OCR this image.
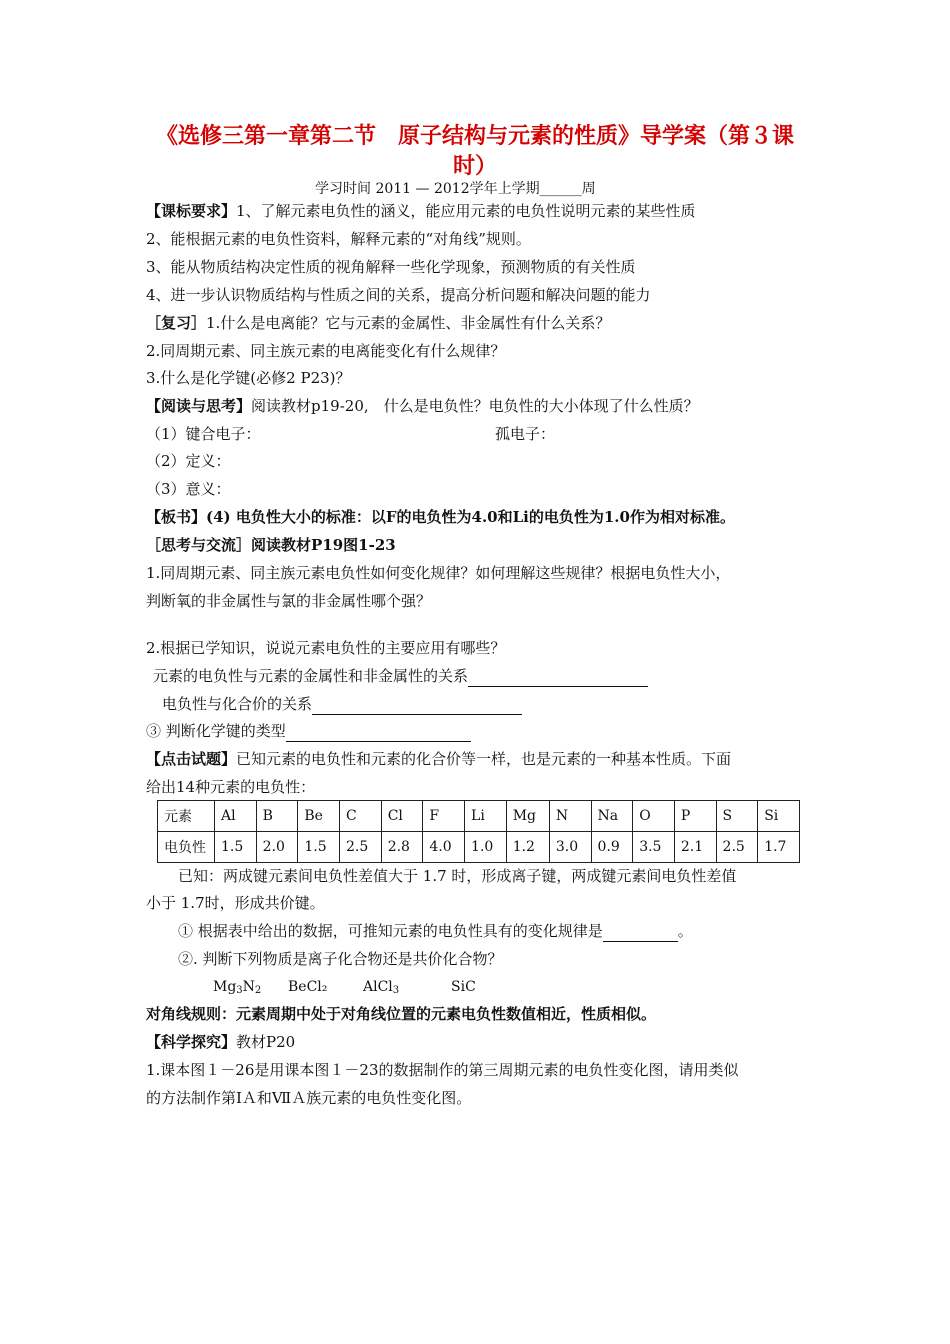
《选修三第一章第二节　原子结构与元素的性质》导学案（第３课
时）
学习时间 2011 — 2012学年上学期______周
【课标要求】1、了解元素电负性的涵义，能应用元素的电负性说明元素的某些性质
2、能根据元素的电负性资料，解释元素的“对角线”规则。
3、能从物质结构决定性质的视角解释一些化学现象，预测物质的有关性质
4、进一步认识物质结构与性质之间的关系，提高分析问题和解决问题的能力
［复习］1.什么是电离能？它与元素的金属性、非金属性有什么关系？
2.同周期元素、同主族元素的电离能变化有什么规律？
3.什么是化学键(必修2 P23)？
【阅读与思考】阅读教材p19-20,　什么是电负性？电负性的大小体现了什么性质？
（1）键合电子：	孤电子：
（2）定义：
（3）意义：
【板书】(4) 电负性大小的标准：以F的电负性为4.0和Li的电负性为1.0作为相对标准。
［思考与交流］阅读教材P19图1-23
1.同周期元素、同主族元素电负性如何变化规律？如何理解这些规律？根据电负性大小，
判断氧的非金属性与氯的非金属性哪个强？
2.根据已学知识，说说元素电负性的主要应用有哪些？
元素的电负性与元素的金属性和非金属性的关系
电负性与化合价的关系
③ 判断化学键的类型
【点击试题】已知元素的电负性和元素的化合价等一样，也是元素的一种基本性质。下面
给出14种元素的电负性：
元素	Al	B	Be	C	Cl	F	Li	Mg	N	Na	O	P	S	Si
电负性	1.5	2.0	1.5	2.5	2.8	4.0	1.0	1.2	3.0	0.9	3.5	2.1	2.5	1.7
已知：两成键元素间电负性差值大于 1.7 时，形成离子键，两成键元素间电负性差值
小于 1.7时，形成共价键。
① 根据表中给出的数据，可推知元素的电负性具有的变化规律是	。
②. 判断下列物质是离子化合物还是共价化合物？
$Mg_3N_2$ BeCl₂	AlCl$_3$	SiC
对角线规则：元素周期中处于对角线位置的元素电负性数值相近，性质相似。
【科学探究】教材P20
1.课本图１－26是用课本图１－23的数据制作的第三周期元素的电负性变化图，请用类似
的方法制作第ⅠＡ和ⅦＡ族元素的电负性变化图。
